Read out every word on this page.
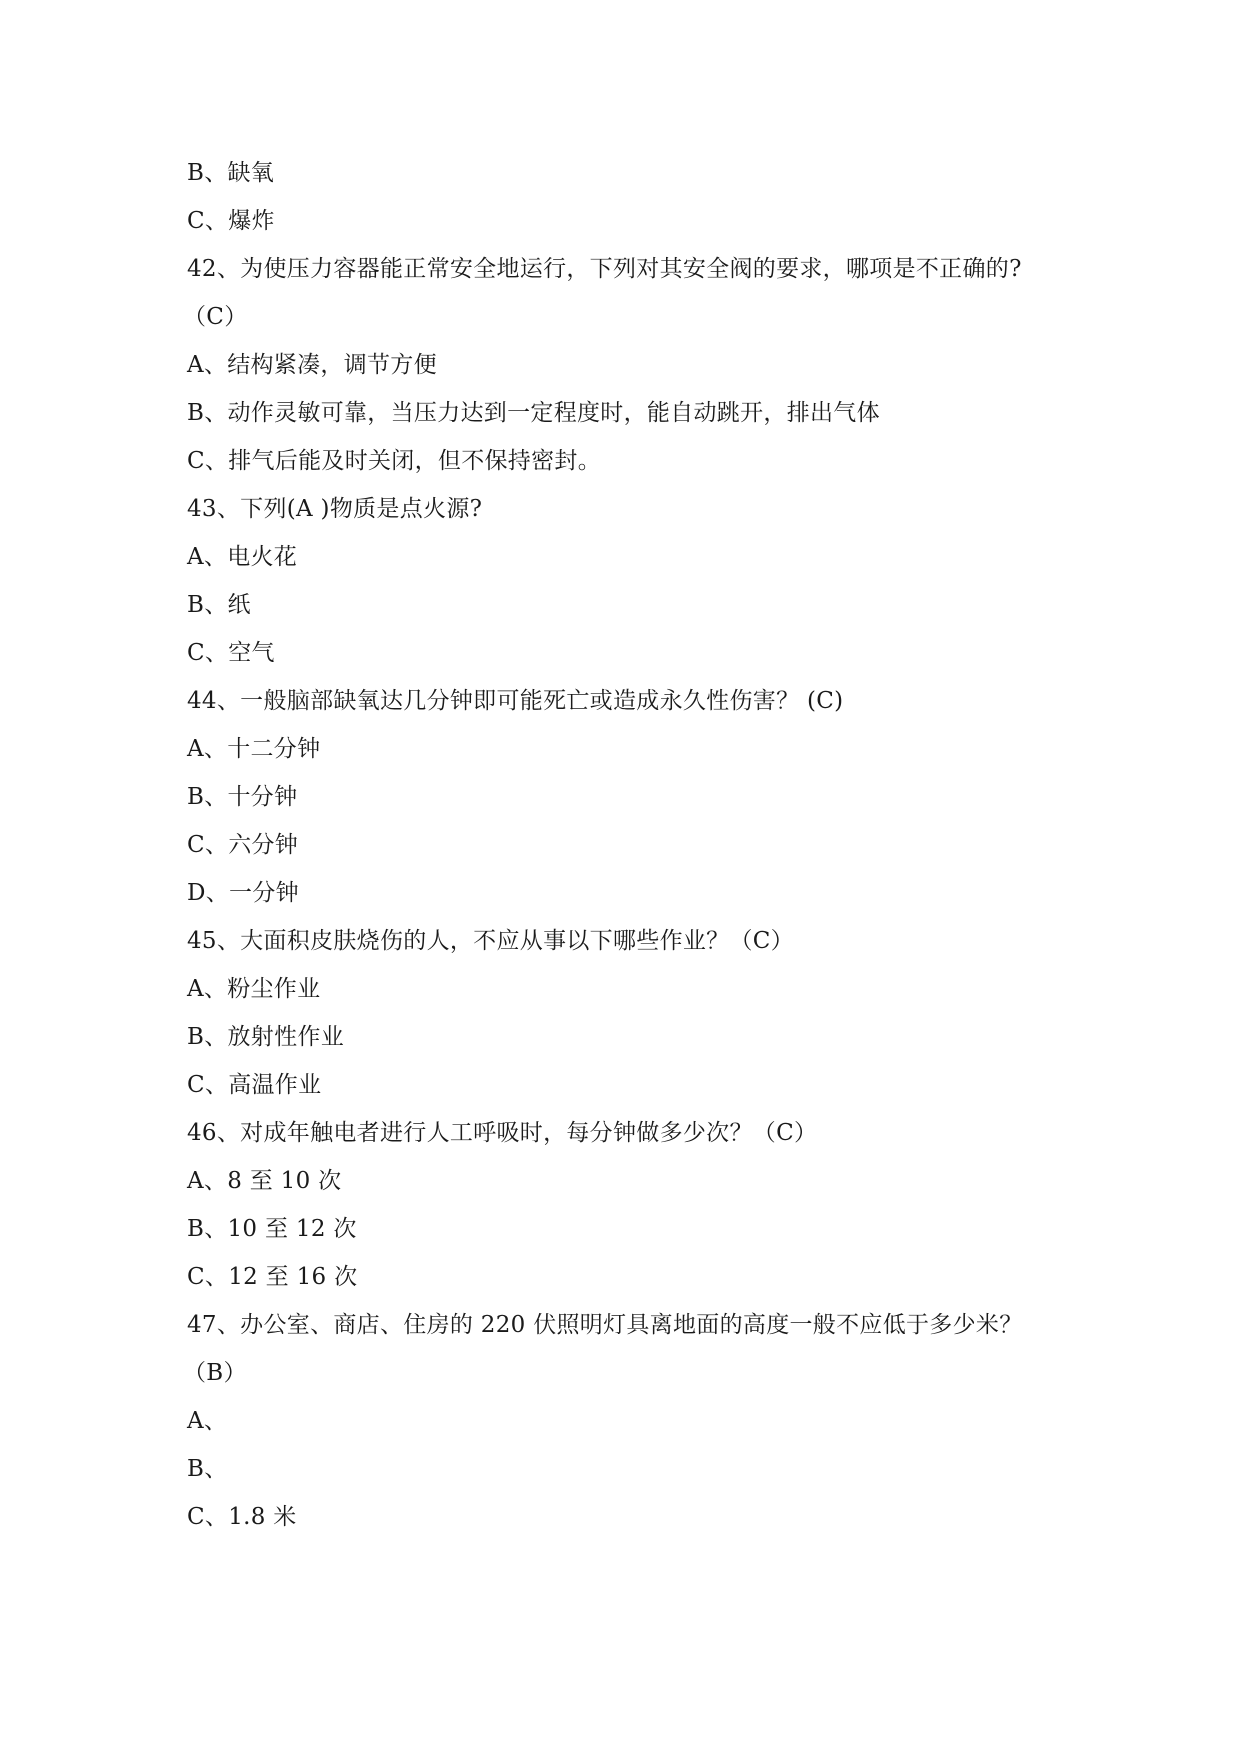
B、缺氧
C、爆炸
42、为使压力容器能正常安全地运行，下列对其安全阀的要求，哪项是不正确的?
（C）
A、结构紧凑，调节方便
B、动作灵敏可靠，当压力达到一定程度时，能自动跳开，排出气体
C、排气后能及时关闭，但不保持密封。
43、下列(A )物质是点火源?
A、电火花
B、纸
C、空气
44、一般脑部缺氧达几分钟即可能死亡或造成永久性伤害？ (C)
A、十二分钟
B、十分钟
C、六分钟
D、一分钟
45、大面积皮肤烧伤的人，不应从事以下哪些作业？（C）
A、粉尘作业
B、放射性作业
C、高温作业
46、对成年触电者进行人工呼吸时，每分钟做多少次？（C）
A、8 至 10 次
B、10 至 12 次
C、12 至 16 次
47、办公室、商店、住房的 220 伏照明灯具离地面的高度一般不应低于多少米？
（B）
A、
B、
C、1.8 米
